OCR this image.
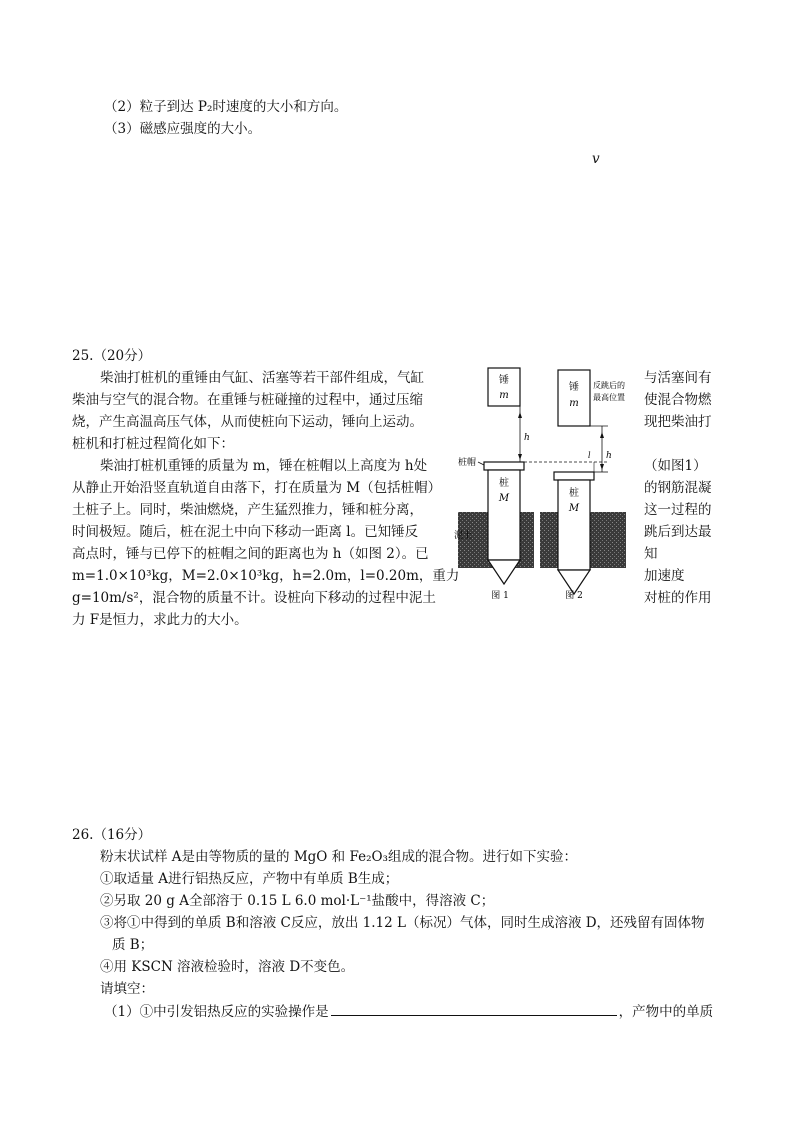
（2）粒子到达 P₂时速度的大小和方向。
（3）磁感应强度的大小。
v
25.（20分）
柴油打桩机的重锤由气缸、活塞等若干部件组成，气缸
柴油与空气的混合物。在重锤与桩碰撞的过程中，通过压缩
烧，产生高温高压气体，从而使桩向下运动，锤向上运动。
桩机和打桩过程简化如下：
柴油打桩机重锤的质量为 m，锤在桩帽以上高度为 h处
从静止开始沿竖直轨道自由落下，打在质量为 M（包括桩帽）
土桩子上。同时，柴油燃烧，产生猛烈推力，锤和桩分离，
时间极短。随后，桩在泥土中向下移动一距离 l。已知锤反
高点时，锤与已停下的桩帽之间的距离也为 h（如图 2）。已
m=1.0×10³kg，M=2.0×10³kg，h=2.0m，l=0.20m，重力
g=10m/s²，混合物的质量不计。设桩向下移动的过程中泥土
力 F是恒力，求此力的大小。
与活塞间有
使混合物燃
现把柴油打
（如图1）
的钢筋混凝
这一过程的
跳后到达最
知
加速度
对桩的作用
锤
m
h
桩帽
桩
M
泥土
锤
m
反跳后的
最高位置
h
l
桩
M
图 1	图 2
26.（16分）
粉末状试样 A是由等物质的量的 MgO 和 Fe₂O₃组成的混合物。进行如下实验：
①取适量 A进行铝热反应，产物中有单质 B生成；
②另取 20 g A全部溶于 0.15 L 6.0 mol·L⁻¹盐酸中，得溶液 C；
③将①中得到的单质 B和溶液 C反应，放出 1.12 L（标况）气体，同时生成溶液 D，还残留有固体物
质 B；
④用 KSCN 溶液检验时，溶液 D不变色。
请填空：
（1）①中引发铝热反应的实验操作是	，产物中的单质
